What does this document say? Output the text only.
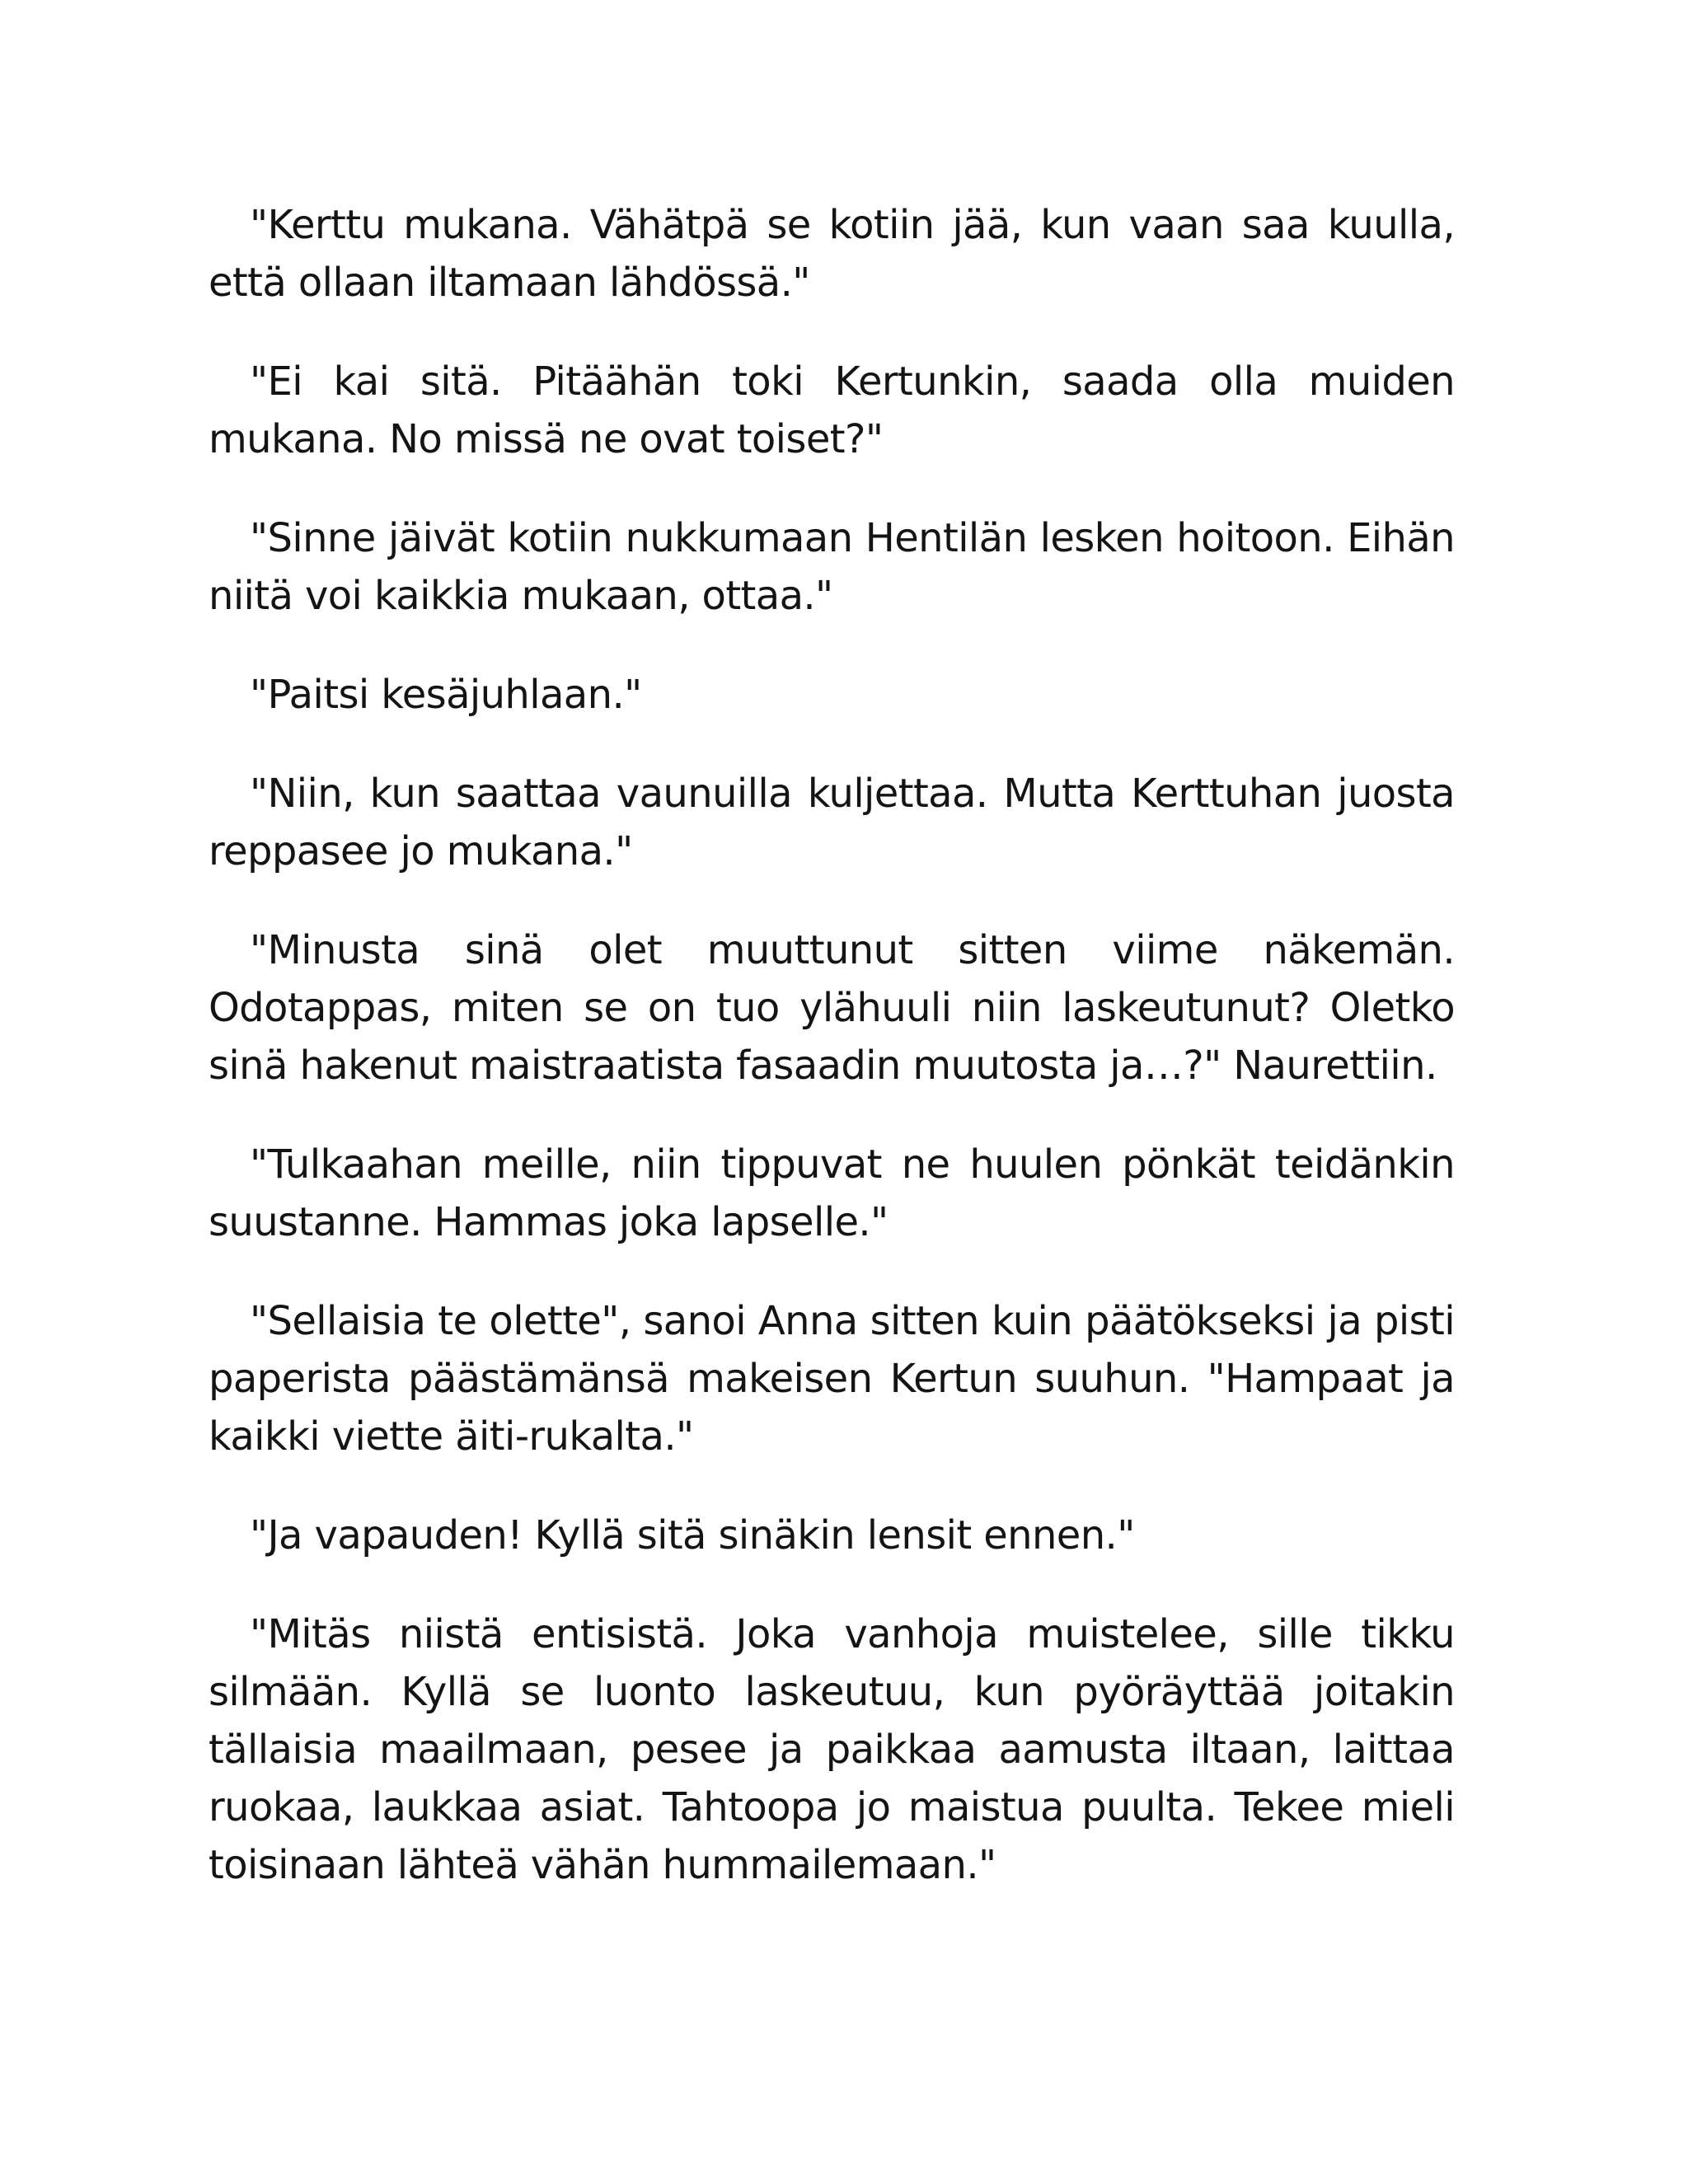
"Kerttu mukana. Vähätpä se kotiin jää, kun vaan saa kuulla, että ollaan iltamaan lähdössä."

"Ei kai sitä. Pitäähän toki Kertunkin, saada olla muiden mukana. No missä ne ovat toiset?"

"Sinne jäivät kotiin nukkumaan Hentilän lesken hoitoon. Eihän niitä voi kaikkia mukaan, ottaa."

"Paitsi kesäjuhlaan."

"Niin, kun saattaa vaunuilla kuljettaa. Mutta Kerttuhan juosta reppasee jo mukana."

"Minusta sinä olet muuttunut sitten viime näkemän. Odotappas, miten se on tuo ylähuuli niin laskeutunut? Oletko sinä hakenut maistraatista fasaadin muutosta ja…?" Naurettiin.

"Tulkaahan meille, niin tippuvat ne huulen pönkät teidänkin suustanne. Hammas joka lapselle."

"Sellaisia te olette", sanoi Anna sitten kuin päätökseksi ja pisti paperista päästämänsä makeisen Kertun suuhun. "Hampaat ja kaikki viette äiti-rukalta."

"Ja vapauden! Kyllä sitä sinäkin lensit ennen."

"Mitäs niistä entisistä. Joka vanhoja muistelee, sille tikku silmään. Kyllä se luonto laskeutuu, kun pyöräyttää joitakin tällaisia maailmaan, pesee ja paikkaa aamusta iltaan, laittaa ruokaa, laukkaa asiat. Tahtoopa jo maistua puulta. Tekee mieli toisinaan lähteä vähän hummailemaan."
